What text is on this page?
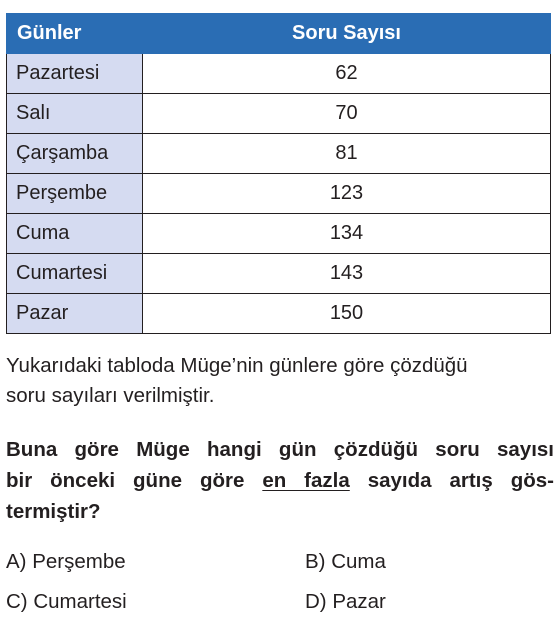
Günler	Soru Sayısı
Pazartesi	62
Salı	70
Çarşamba	81
Perşembe	123
Cuma	134
Cumartesi	143
Pazar	150

Yukarıdaki tabloda Müge’nin günlere göre çözdüğü
soru sayıları verilmiştir.

Buna göre Müge hangi gün çözdüğü soru sayısı
bir önceki güne göre en fazla sayıda artış gös-
termiştir?
A) Perşembe	B) Cuma
C) Cumartesi	D) Pazar
